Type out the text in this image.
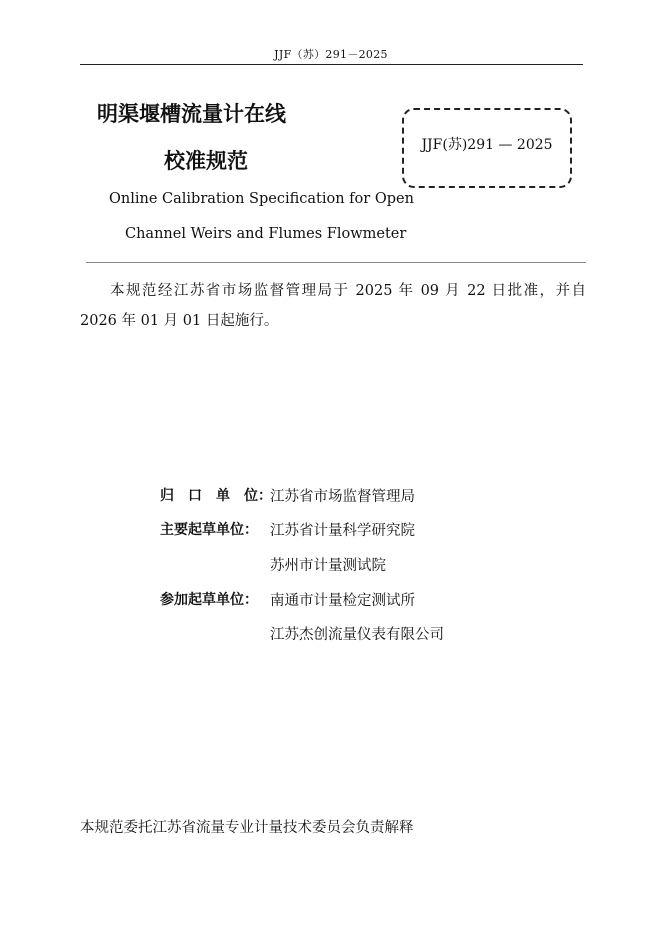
JJF（苏）291－2025
明渠堰槽流量计在线
校准规范
JJF(苏)291 — 2025
Online Calibration Specification for Open
Channel Weirs and Flumes Flowmeter
本规范经江苏省市场监督管理局于 2025 年 09 月 22 日批准，并自 2026 年 01 月 01 日起施行。
归　口　单　位：
江苏省市场监督管理局
主要起草单位： 江苏省计量科学研究院
苏州市计量测试院
参加起草单位： 南通市计量检定测试所
江苏杰创流量仪表有限公司
本规范委托江苏省流量专业计量技术委员会负责解释
